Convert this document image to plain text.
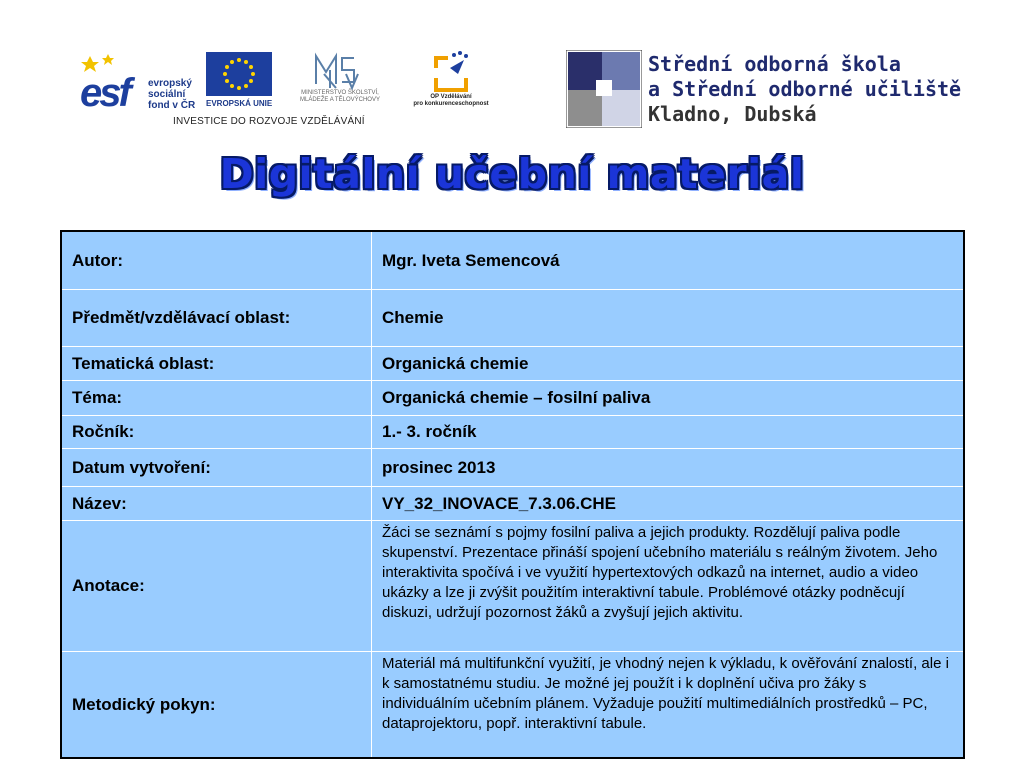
esf	evropský
sociální
fond v ČR EVROPSKÁ UNIE
MINISTERSTVO ŠKOLSTVÍ,
MLÁDEŽE A TĚLOVÝCHOVY	OP Vzdělávání
pro konkurenceschopnost
INVESTICE DO ROZVOJE VZDĚLÁVÁNÍ
Střední odborná škola
a Střední odborné učiliště
Kladno, Dubská
Digitální učební materiál
Autor:	Mgr. Iveta Semencová
Předmět/vzdělávací oblast:	Chemie
Tematická oblast:	Organická chemie
Téma:	Organická chemie – fosilní paliva
Ročník:	1.- 3. ročník
Datum vytvoření:	prosinec 2013
Název:	VY_32_INOVACE_7.3.06.CHE
Anotace:	Žáci se seznámí s pojmy fosilní paliva a jejich produkty. Rozdělují paliva podle skupenství. Prezentace přináší spojení učebního materiálu s reálným životem. Jeho interaktivita spočívá i ve využití hypertextových odkazů na internet, audio a video ukázky a lze ji zvýšit použitím interaktivní tabule. Problémové otázky podněcují diskuzi, udržují pozornost žáků a zvyšují jejich aktivitu.
Metodický pokyn:	Materiál má multifunkční využití, je vhodný nejen k výkladu, k ověřování znalostí, ale i k samostatnému studiu. Je možné jej použít i k doplnění učiva pro žáky s individuálním učebním plánem. Vyžaduje použití multimediálních prostředků – PC, dataprojektoru, popř. interaktivní tabule.
